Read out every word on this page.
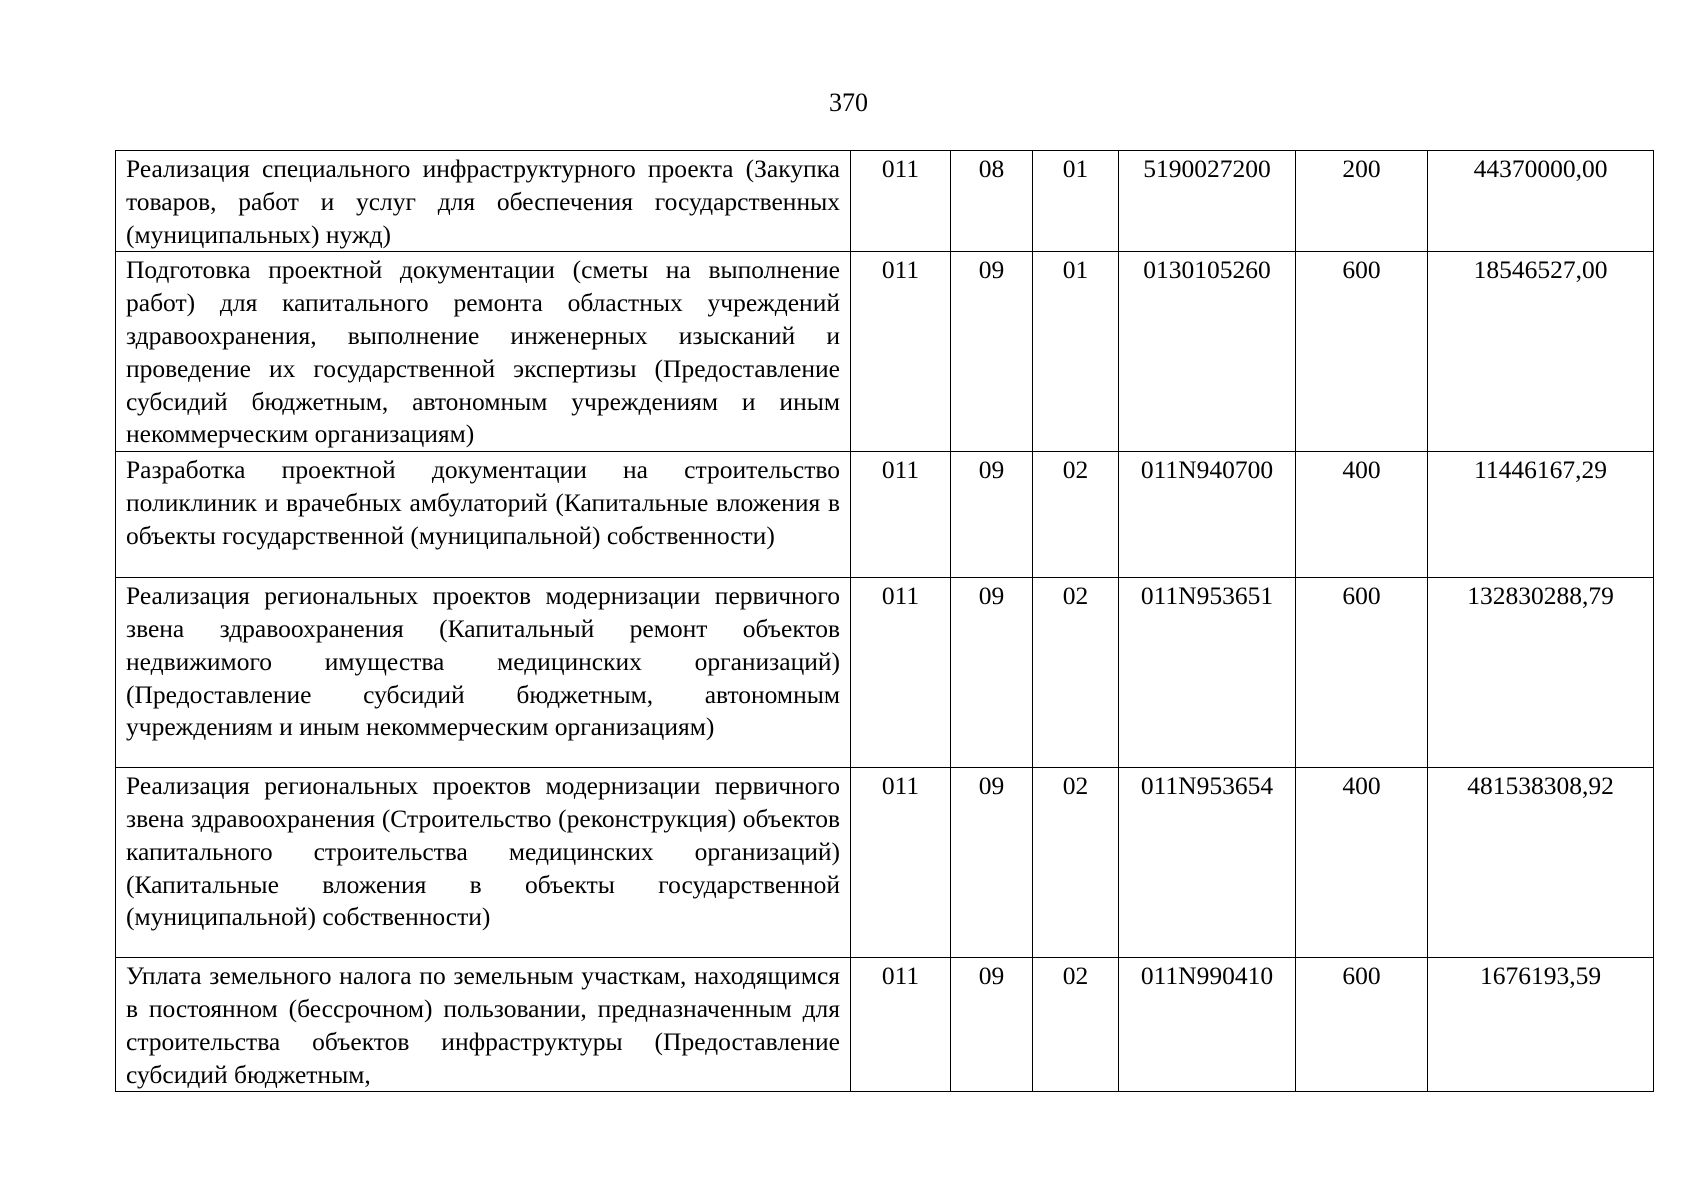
370
Реализация специального инфраструктурного проекта (Закупка товаров, работ и услуг для обеспечения государственных (муниципальных) нужд)	011	08	01	5190027200	200	44370000,00
Подготовка проектной документации (сметы на выполнение работ) для капитального ремонта областных учреждений здравоохранения, выполнение инженерных изысканий и проведение их государственной экспертизы (Предоставление субсидий бюджетным, автономным учреждениям и иным некоммерческим организациям)	011	09	01	0130105260	600	18546527,00
Разработка проектной документации на строительство поликлиник и врачебных амбулаторий (Капитальные вложения в объекты государственной (муниципальной) собственности)	011	09	02	011N940700	400	11446167,29
Реализация региональных проектов модернизации первичного звена здравоохранения (Капитальный ремонт объектов недвижимого имущества медицинских организаций) (Предоставление субсидий бюджетным, автономным учреждениям и иным некоммерческим организациям)	011	09	02	011N953651	600	132830288,79
Реализация региональных проектов модернизации первичного звена здравоохранения (Строительство (реконструкция) объектов капитального строительства медицинских организаций) (Капитальные вложения в объекты государственной (муниципальной) собственности)	011	09	02	011N953654	400	481538308,92
Уплата земельного налога по земельным участкам, находящимся в постоянном (бессрочном) пользовании, предназначенным для строительства объектов инфраструктуры (Предоставление субсидий бюджетным,	011	09	02	011N990410	600	1676193,59
